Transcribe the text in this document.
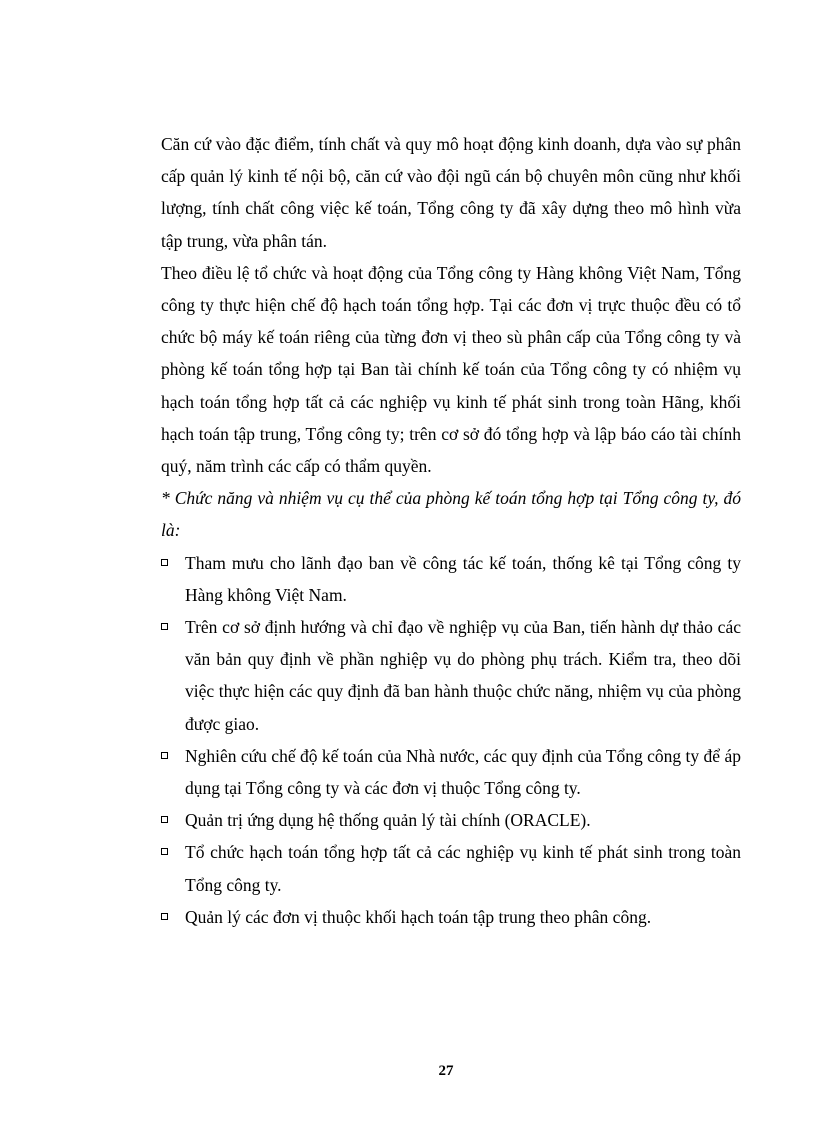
Căn cứ vào đặc điểm, tính chất và quy mô hoạt động kinh doanh, dựa vào sự phân cấp quản lý kinh tế nội bộ, căn cứ vào đội ngũ cán bộ chuyên môn cũng như khối lượng, tính chất công việc kế toán, Tổng công ty đã xây dựng theo mô hình vừa tập trung, vừa phân tán.

Theo điều lệ tổ chức và hoạt động của Tổng công ty Hàng không Việt Nam, Tổng công ty thực hiện chế độ hạch toán tổng hợp. Tại các đơn vị trực thuộc đều có tổ chức bộ máy kế toán riêng của từng đơn vị theo sù phân cấp của Tổng công ty và phòng kế toán tổng hợp tại Ban tài chính kế toán của Tổng công ty có nhiệm vụ hạch toán tổng hợp tất cả các nghiệp vụ kinh tế phát sinh trong toàn Hãng, khối hạch toán tập trung, Tổng công ty; trên cơ sở đó tổng hợp và lập báo cáo tài chính quý, năm trình các cấp có thẩm quyền.

* Chức năng và nhiệm vụ cụ thể của phòng kế toán tổng hợp tại Tổng công ty, đó là:

Tham mưu cho lãnh đạo ban về công tác kế toán, thống kê tại Tổng công ty Hàng không Việt Nam.
Trên cơ sở định hướng và chỉ đạo về nghiệp vụ của Ban, tiến hành dự thảo các văn bản quy định về phần nghiệp vụ do phòng phụ trách. Kiểm tra, theo dõi việc thực hiện các quy định đã ban hành thuộc chức năng, nhiệm vụ của phòng được giao.
Nghiên cứu chế độ kế toán của Nhà nước, các quy định của Tổng công ty để áp dụng tại Tổng công ty và các đơn vị thuộc Tổng công ty.
Quản trị ứng dụng hệ thống quản lý tài chính (ORACLE).
Tổ chức hạch toán tổng hợp tất cả các nghiệp vụ kinh tế phát sinh trong toàn Tổng công ty.
Quản lý các đơn vị thuộc khối hạch toán tập trung theo phân công.
27
